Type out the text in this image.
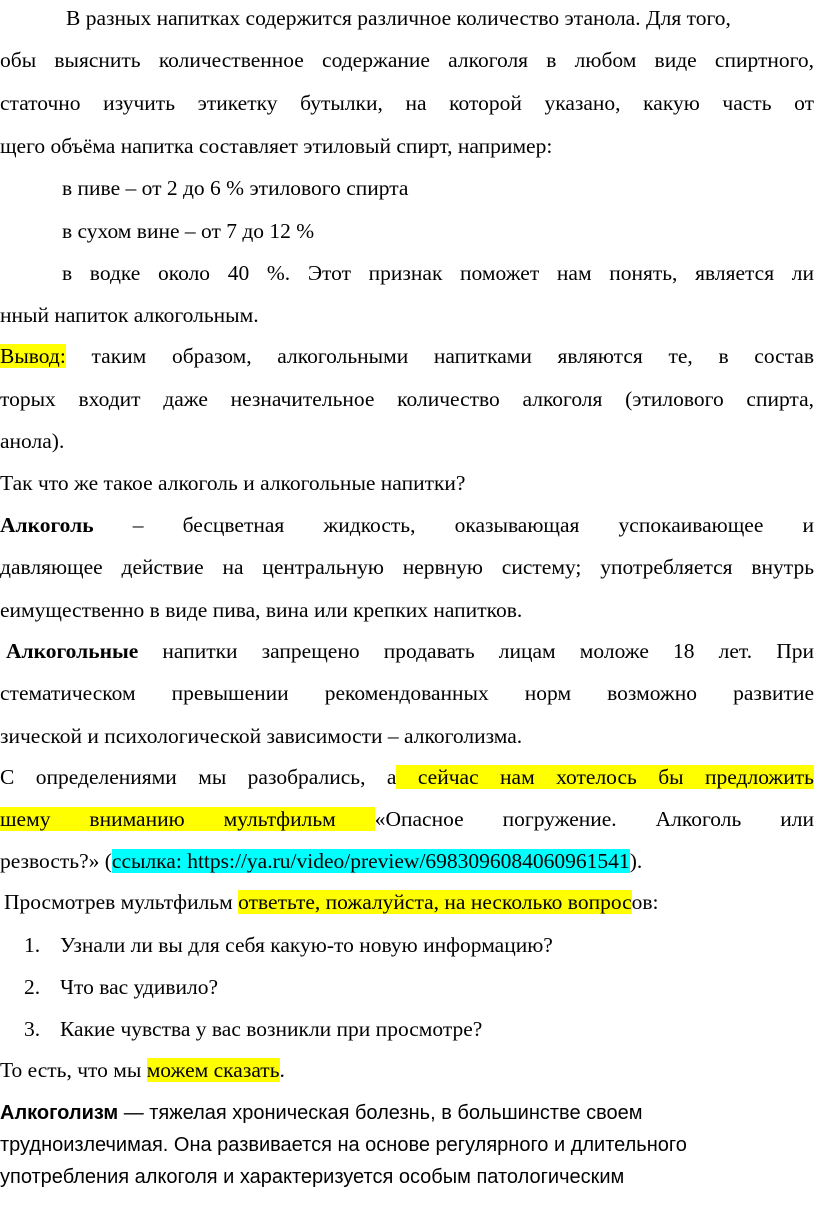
В разных напитках содержится различное количество этанола. Для того,
обы выяснить количественное содержание алкоголя в любом виде спиртного,
статочно изучить этикетку бутылки, на которой указано, какую часть от
щего объёма напитка составляет этиловый спирт, например:
в пиве – от 2 до 6 % этилового спирта
в сухом вине – от 7 до 12 %
в водке около 40 %. Этот признак поможет нам понять, является ли
нный напиток алкогольным.
Вывод: таким образом, алкогольными напитками являются те, в состав
торых входит даже незначительное количество алкоголя (этилового спирта,
анола).
Так что же такое алкоголь и алкогольные напитки?
Алкоголь – бесцветная жидкость, оказывающая успокаивающее и
давляющее действие на центральную нервную систему; употребляется внутрь
еимущественно в виде пива, вина или крепких напитков.
Алкогольные напитки запрещено продавать лицам моложе 18 лет. При
стематическом превышении рекомендованных норм возможно развитие
зической и психологической зависимости – алкоголизма.
С определениями мы разобрались, а сейчас нам хотелось бы предложить
шему вниманию мультфильм «Опасное погружение. Алкоголь или
резвость?» (ссылка: https://ya.ru/video/preview/6983096084060961541).
Просмотрев мультфильм ответьте, пожалуйста, на несколько вопросов:
1. Узнали ли вы для себя какую-то новую информацию?
2. Что вас удивило?
3. Какие чувства у вас возникли при просмотре?
То есть, что мы можем сказать.
Алкоголизм — тяжелая хроническая болезнь, в большинстве своем
трудноизлечимая. Она развивается на основе регулярного и длительного
употребления алкоголя и характеризуется особым патологическим
